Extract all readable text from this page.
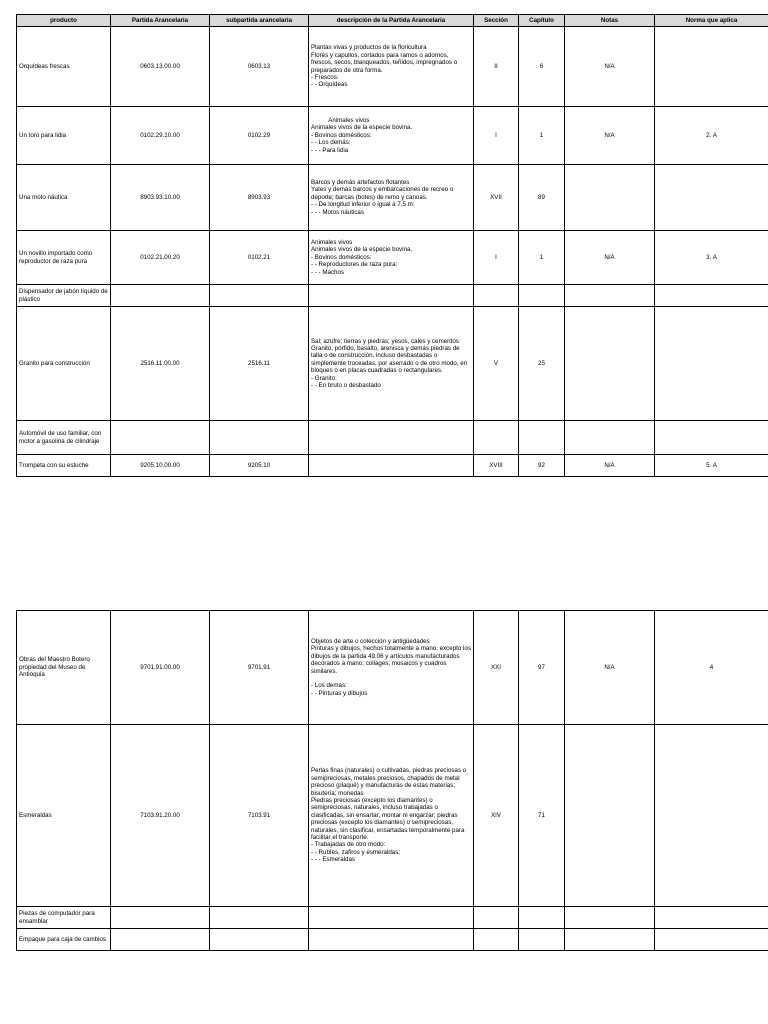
producto	Partida Arancelaria	subpartida arancelaria	descripción de la Partida Arancelaria	Sección	Capítulo	Notas	Norma que aplica
Orquídeas frescas	0603.13.00.00	0603.13	Plantas vivas y productos de la floricultura
Flores y capullos, cortados para ramos o adornos, frescos, secos, blanqueados, teñidos, impregnados o preparados de otra forma.
- Frescos:
- - Orquídeas	II	6	N/A	
Un toro para lidia	0102.29.10.00	0102.29	Animales vivos
Animales vivos de la especie bovina.
- Bovinos domésticos:
- - Los demás:
- - - Para lidia	I	1	N/A	2. A
Una moto náutica	8903.93.10.00	8903.93	Barcos y demás artefactos flotantes
Yates y demás barcos y embarcaciones de recreo o deporte; barcas (botes) de remo y canoas.
- - De longitud inferior o igual a 7,5 m:
- - - Motos náuticas	XVII	89		
Un novillo importado como reproductor de raza pura	0102.21.00.20	0102.21	Animales vivos
Animales vivos de la especie bovina.
- Bovinos domésticos:
- - Reproductores de raza pura:
- - - Machos	I	1	N/A	3. A
Dispensador de jabón líquido de plástico							
Granito para construcción	2516.11.00.00	2516.11	Sal; azufre; tierras y piedras; yesos, cales y cementos
Granito, pórfido, basalto, arenisca y demás piedras de talla o de construcción, incluso desbastadas o simplemente troceadas, por aserrado o de otro modo, en bloques o en placas cuadradas o rectangulares.
- Granito:
- - En bruto o desbastado	V	25		
Automóvil de uso familiar, con motor a gasolina de cilindraje							
Trompeta con su estuche	9205.10.00.00	9205.10		XVIII	92	N/A	5. A
Obras del Maestro Botero propiedad del Museo de Antioquia	9701.91.00.00	9701.91	Objetos de arte o colección y antigüedades
Pinturas y dibujos, hechos totalmente a mano, excepto los dibujos de la partida 49.06 y artículos manufacturados decorados a mano; collages, mosaicos y cuadros similares.

- Los demás:
- - Pinturas y dibujos	XXI	97	N/A	4
Esmeraldas	7103.91.20.00	7103.91	Perlas finas (naturales) o cultivadas, piedras preciosas o semipreciosas, metales preciosos, chapados de metal precioso (plaqué) y manufacturas de estas materias; bisutería; monedas
Piedras preciosas (excepto los diamantes) o semipreciosas, naturales, incluso trabajadas o clasificadas, sin ensartar, montar ni engarzar; piedras preciosas (excepto los diamantes) o semipreciosas, naturales, sin clasificar, ensartadas temporalmente para facilitar el transporte.
- Trabajadas de otro modo:
- - Rubíes, zafiros y esmeraldas:
- - - Esmeraldas	XIV	71		
Piezas de computador para ensamblar							
Empaque para caja de cambios							
